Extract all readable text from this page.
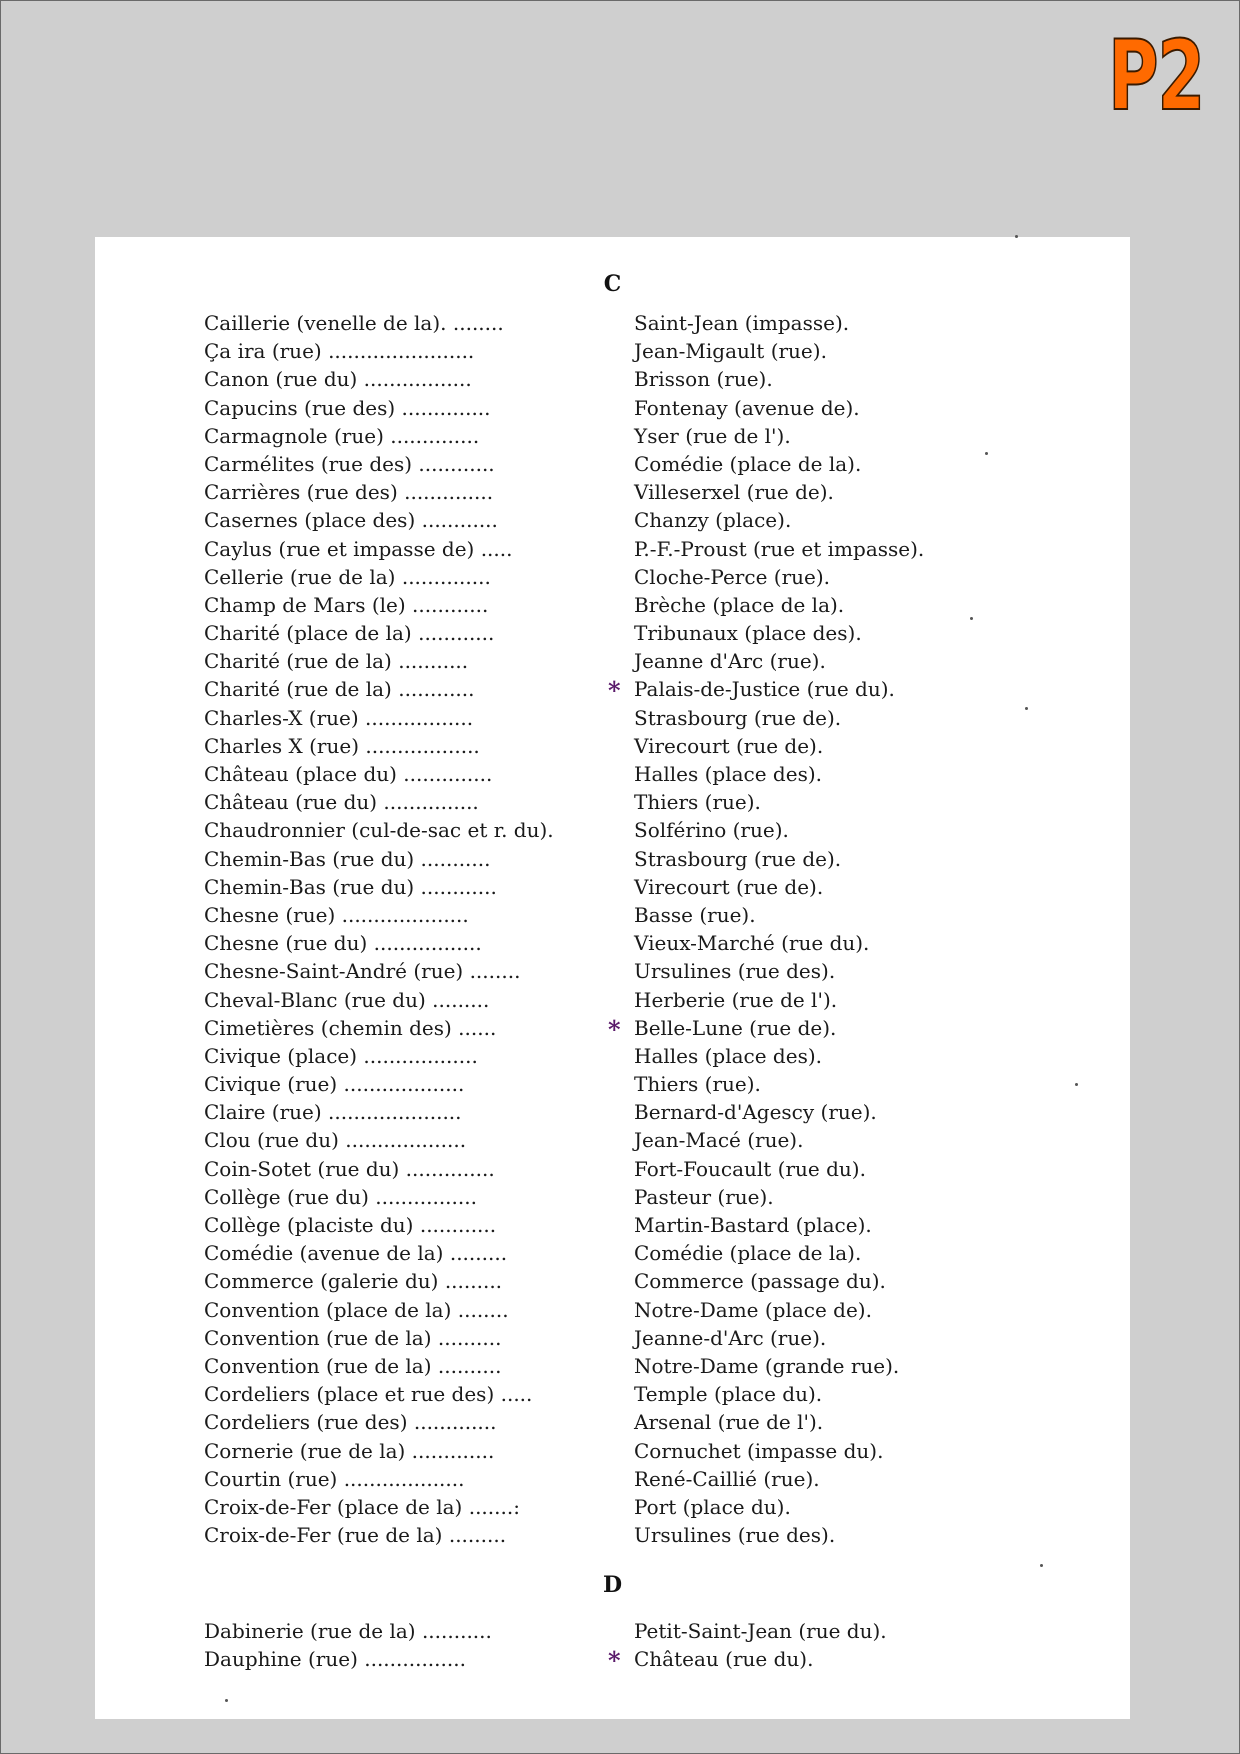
P2
C
Caillerie (venelle de la). ........	Saint-Jean (impasse).
Ça ira (rue) .......................	Jean-Migault (rue).
Canon (rue du) .................	Brisson (rue).
Capucins (rue des) ..............	Fontenay (avenue de).
Carmagnole (rue) ..............	Yser (rue de l').
Carmélites (rue des) ............	Comédie (place de la).
Carrières (rue des) ..............	Villeserxel (rue de).
Casernes (place des) ............	Chanzy (place).
Caylus (rue et impasse de) .....	P.-F.-Proust (rue et impasse).
Cellerie (rue de la) ..............	Cloche-Perce (rue).
Champ de Mars (le) ............	Brèche (place de la).
Charité (place de la) ............	Tribunaux (place des).
Charité (rue de la) ...........	Jeanne d'Arc (rue).
Charité (rue de la) ............	* Palais-de-Justice (rue du).
Charles-X (rue) .................	Strasbourg (rue de).
Charles X (rue) ..................	Virecourt (rue de).
Château (place du) ..............	Halles (place des).
Château (rue du) ...............	Thiers (rue).
Chaudronnier (cul-de-sac et r. du).	Solférino (rue).
Chemin-Bas (rue du) ...........	Strasbourg (rue de).
Chemin-Bas (rue du) ............	Virecourt (rue de).
Chesne (rue) ....................	Basse (rue).
Chesne (rue du) .................	Vieux-Marché (rue du).
Chesne-Saint-André (rue) ........	Ursulines (rue des).
Cheval-Blanc (rue du) .........	Herberie (rue de l').
Cimetières (chemin des) ......	* Belle-Lune (rue de).
Civique (place) ..................	Halles (place des).
Civique (rue) ...................	Thiers (rue).
Claire (rue) .....................	Bernard-d'Agescy (rue).
Clou (rue du) ...................	Jean-Macé (rue).
Coin-Sotet (rue du) ..............	Fort-Foucault (rue du).
Collège (rue du) ................	Pasteur (rue).
Collège (placiste du) ............	Martin-Bastard (place).
Comédie (avenue de la) .........	Comédie (place de la).
Commerce (galerie du) .........	Commerce (passage du).
Convention (place de la) ........	Notre-Dame (place de).
Convention (rue de la) ..........	Jeanne-d'Arc (rue).
Convention (rue de la) ..........	Notre-Dame (grande rue).
Cordeliers (place et rue des) .....	Temple (place du).
Cordeliers (rue des) .............	Arsenal (rue de l').
Cornerie (rue de la) .............	Cornuchet (impasse du).
Courtin (rue) ...................	René-Caillié (rue).
Croix-de-Fer (place de la) .......:	Port (place du).
Croix-de-Fer (rue de la) .........	Ursulines (rue des).
D
Dabinerie (rue de la) ...........	Petit-Saint-Jean (rue du).
Dauphine (rue) ................	* Château (rue du).
